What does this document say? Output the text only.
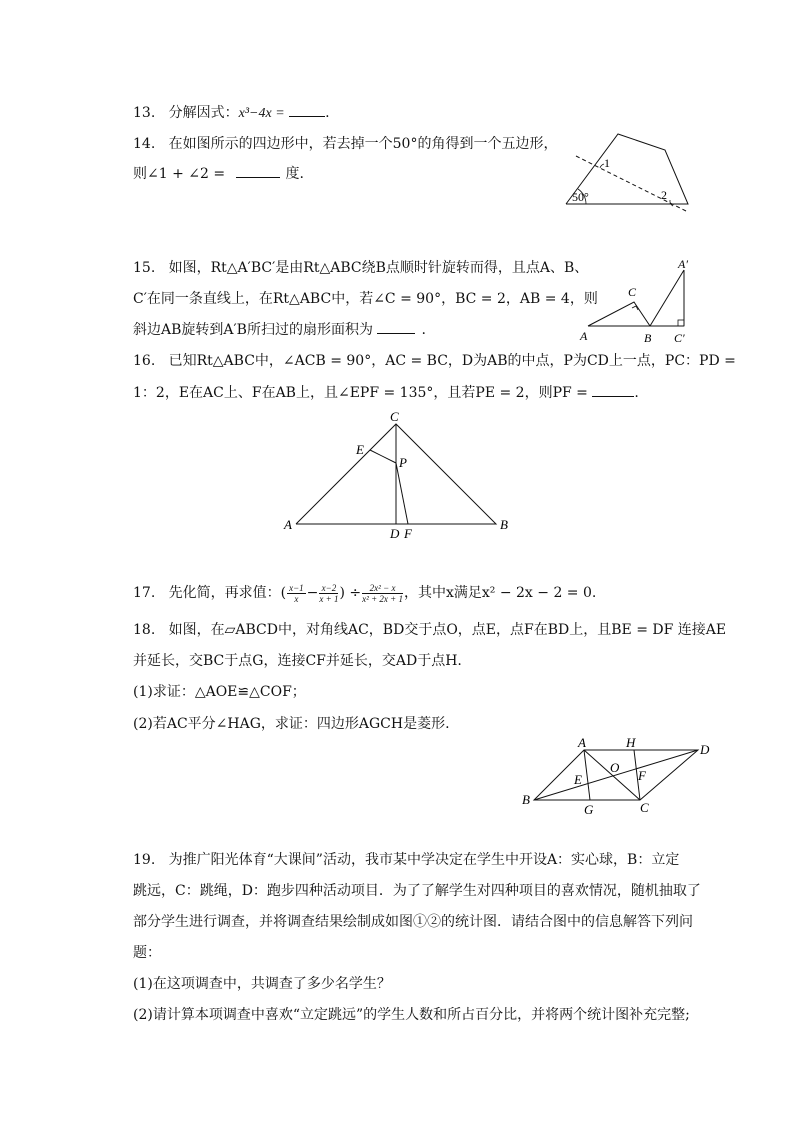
13. 分解因式：x³−4x =	.
14. 在如图所示的四边形中，若去掉一个50°的角得到一个五边形，
则∠1 + ∠2 =	度.
50°
1
2
15. 如图，Rt△A′BC′是由Rt△ABC绕B点顺时针旋转而得，且点A、B、
C′在同一条直线上，在Rt△ABC中，若∠C = 90°，BC = 2，AB = 4，则
斜边AB旋转到A′B所扫过的扇形面积为	.	A
C
B
A′
C′
16. 已知Rt△ABC中，∠ACB = 90°，AC = BC，D为AB的中点，P为CD上一点，PC：PD =
1：2，E在AC上、F在AB上，且∠EPF = 135°，且若PE = 2，则PF =	.
C
E
P
A	B
D F
17. 先化简，再求值：( $\frac{x-1}{x} - \frac{x-2}{x + 1}$ ) ÷ $\frac{\text{2x² − x}}{\text{x² + 2x + 1}}$ ，其中x满足x² − 2x − 2 = 0.
18. 如图，在▱ABCD中，对角线AC，BD交于点O，点E，点F在BD上，且BE = DF 连接AE
并延长，交BC于点G，连接CF并延长，交AD于点H.
(1)求证：△AOE≌△COF；
(2)若AC平分∠HAG，求证：四边形AGCH是菱形.
A	H	D
O
E	F
B
G	C
19. 为推广阳光体育“大课间”活动，我市某中学决定在学生中开设A：实心球，B：立定
跳远，C：跳绳，D：跑步四种活动项目．为了了解学生对四种项目的喜欢情况，随机抽取了
部分学生进行调查，并将调查结果绘制成如图①②的统计图．请结合图中的信息解答下列问
题：
(1)在这项调查中，共调查了多少名学生？
(2)请计算本项调查中喜欢“立定跳远”的学生人数和所占百分比，并将两个统计图补充完整;
